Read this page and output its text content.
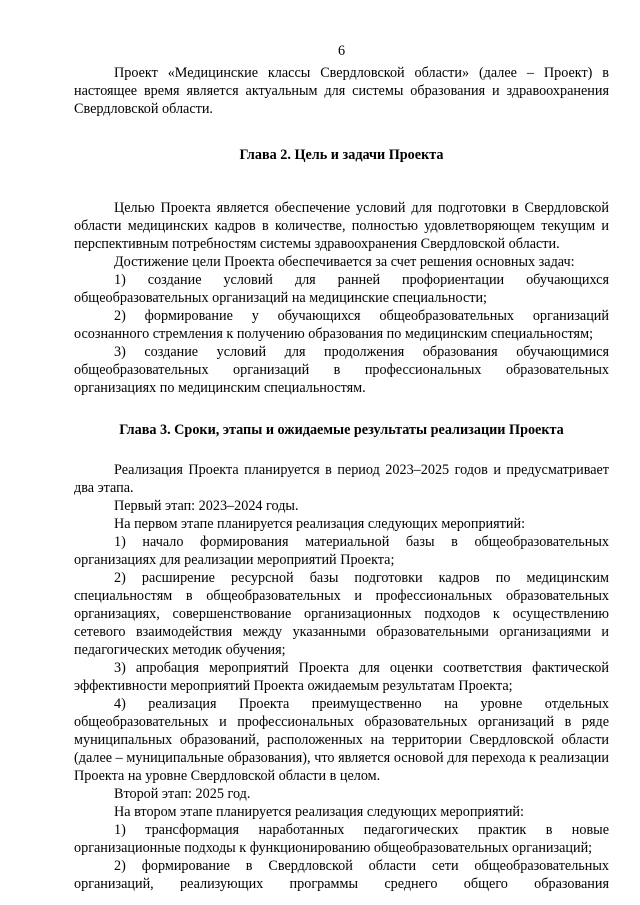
6

Проект «Медицинские классы Свердловской области» (далее – Проект) в настоящее время является актуальным для системы образования и здравоохранения Свердловской области.

Глава 2. Цель и задачи Проекта

Целью Проекта является обеспечение условий для подготовки в Свердловской области медицинских кадров в количестве, полностью удовлетворяющем текущим и перспективным потребностям системы здравоохранения Свердловской области.

Достижение цели Проекта обеспечивается за счет решения основных задач:

1) создание условий для ранней профориентации обучающихся общеобразовательных организаций на медицинские специальности;

2) формирование у обучающихся общеобразовательных организаций осознанного стремления к получению образования по медицинским специальностям;

3) создание условий для продолжения образования обучающимися общеобразовательных организаций в профессиональных образовательных организациях по медицинским специальностям.

Глава 3. Сроки, этапы и ожидаемые результаты реализации Проекта

Реализация Проекта планируется в период 2023–2025 годов и предусматривает два этапа.

Первый этап: 2023–2024 годы.

На первом этапе планируется реализация следующих мероприятий:

1) начало формирования материальной базы в общеобразовательных организациях для реализации мероприятий Проекта;

2) расширение ресурсной базы подготовки кадров по медицинским специальностям в общеобразовательных и профессиональных образовательных организациях, совершенствование организационных подходов к осуществлению сетевого взаимодействия между указанными образовательными организациями и педагогических методик обучения;

3) апробация мероприятий Проекта для оценки соответствия фактической эффективности мероприятий Проекта ожидаемым результатам Проекта;

4) реализация Проекта преимущественно на уровне отдельных общеобразовательных и профессиональных образовательных организаций в ряде муниципальных образований, расположенных на территории Свердловской области (далее – муниципальные образования), что является основой для перехода к реализации Проекта на уровне Свердловской области в целом.

Второй этап: 2025 год.

На втором этапе планируется реализация следующих мероприятий:

1) трансформация наработанных педагогических практик в новые организационные подходы к функционированию общеобразовательных организаций;

2) формирование в Свердловской области сети общеобразовательных организаций, реализующих программы среднего общего образования
